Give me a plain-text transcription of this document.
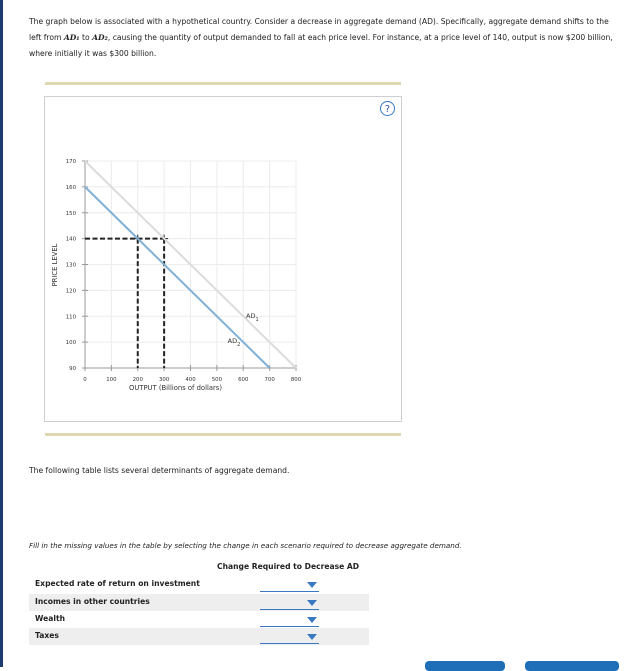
The graph below is associated with a hypothetical country. Consider a decrease in aggregate demand (AD). Specifically, aggregate demand shifts to the left from AD₁ to AD₂, causing the quantity of output demanded to fall at each price level. For instance, at a price level of 140, output is now $200 billion, where initially it was $300 billion.
?
PRICE LEVEL
90
100
110
120
130
140
150
160
170
0	100	200	300	400	500	600	700	800
$AD_1$
$AD_2$
OUTPUT (Billions of dollars)
The following table lists several determinants of aggregate demand.
Fill in the missing values in the table by selecting the change in each scenario required to decrease aggregate demand.
Change Required to Decrease AD
Expected rate of return on investment
Incomes in other countries
Wealth
Taxes
